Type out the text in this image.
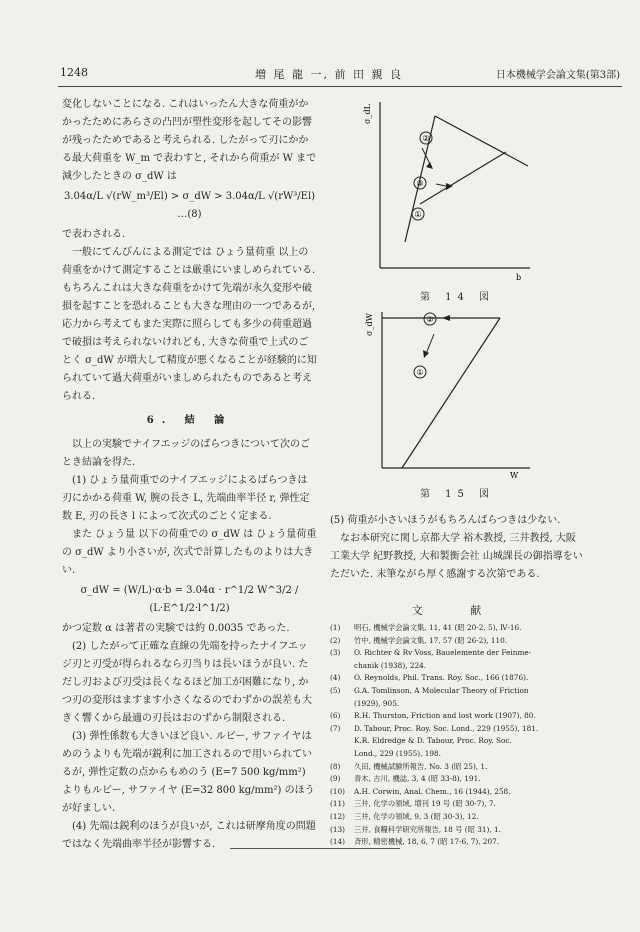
1248	増 尾 龍 一, 前 田 親 良	日本機械学会論文集(第3部)

変化しないことになる. これはいったん大きな荷重がかかったためにあらさの凸凹が塑性変形を起してその影響が残ったためであると考えられる. したがって刃にかかる最大荷重を W_m で表わすと, それから荷重が W まで減少したときの σ_dW は

3.04α/L √(rW_m³/El) > σ_dW > 3.04α/L √(rW³/El) …(8)

で表わされる.

一般にてんびんによる測定では ひょう量荷重 以上の荷重をかけて測定することは厳重にいましめられている. もちろんこれは大きな荷重をかけて先端が永久変形や破損を起すことを恐れることも大きな理由の一つであるが, 応力から考えてもまた実際に照らしても多少の荷重超過で破損は考えられないけれども, 大きな荷重で上式のごとく σ_dW が増大して精度が悪くなることが経験的に知られていて過大荷重がいましめられたものであると考えられる.

6. 結 論

以上の実験でナイフエッジのばらつきについて次のごとき結論を得た.

(1) ひょう量荷重でのナイフエッジによるばらつきは刃にかかる荷重 W, 腕の長さ L, 先端曲率半径 r, 弾性定数 E, 刃の長さ l によって次式のごとく定まる.

また ひょう量 以下の荷重での σ_dW は ひょう量荷重 の σ_dW より小さいが, 次式で計算したものよりは大きい.

σ_dW = (W/L)·α·b = 3.04α · r^1/2 W^3/2 / (L·E^1/2·l^1/2)

かつ定数 α は著者の実験では約 0.0035 であった.

(2) したがって正確な直線の先端を持ったナイフエッジ刃と刃受が得られるなら刃当りは長いほうが良い. ただし刃および刃受は長くなるほど加工が困難になり, かつ刃の変形はますます小さくなるのでわずかの誤差も大きく響くから最適の刃長はおのずから制限される.

(3) 弾性係数も大きいほど良い. ルビー, サファイヤはめのうよりも先端が鋭利に加工されるので用いられているが, 弾性定数の点からもめのう (E=7 500 kg/mm²) よりもルビー, サファイヤ (E=32 800 kg/mm²) のほうが好ましい.

(4) 先端は鋭利のほうが良いが, これは研摩角度の問題ではなく先端曲率半径が影響する.

②
③
①
σ_dL
b
第 14 図
②
①
σ_dW
W
第 15 図

(5) 荷重が小さいほうがもちろんばらつきは少ない.

なお本研究に関し京都大学 裕木教授, 三井教授, 大阪工業大学 紀野教授, 大和製衡会社 山城課長の御指導をいただいた. 末筆ながら厚く感謝する次第である.

文 献
(1) 明石, 機械学会論文集, 11, 41 (昭 20-2, 5), Ⅳ-16.
(2) 竹中, 機械学会論文集, 17, 57 (昭 26-2), 110.
(3) O. Richter & Rv Voss, Bauelemente der Feinme-
chanik (1938), 224.
(4) O. Reynolds, Phil. Trans. Roy. Soc., 166 (1876).
(5) G.A. Tomlinson, A Molecular Theory of Friction
(1929), 905.
(6) R.H. Thurston, Friction and lost work (1907), 80.
(7) D. Tabour, Proc. Roy. Soc. Lond., 229 (1955), 181.
K.R. Eldredge & D. Tabour, Proc. Roy. Soc.
Lond., 229 (1955), 198.
(8) 久田, 機械試験所報告, No. 3 (昭 25), 1.
(9) 青木, 古川, 機誌, 3, 4 (昭 33-8), 191.
(10) A.H. Corwin, Anal. Chem., 16 (1944), 258.
(11) 三井, 化学の領域, 増刊 19 号 (昭 30-7), 7.
(12) 三井, 化学の領域, 9, 3 (昭 30-3), 12.
(13) 三井, 食糧科学研究所報告, 18 号 (昭 31), 1.
(14) 斉形, 精密機械, 18, 6, 7 (昭 17-6, 7), 207.
